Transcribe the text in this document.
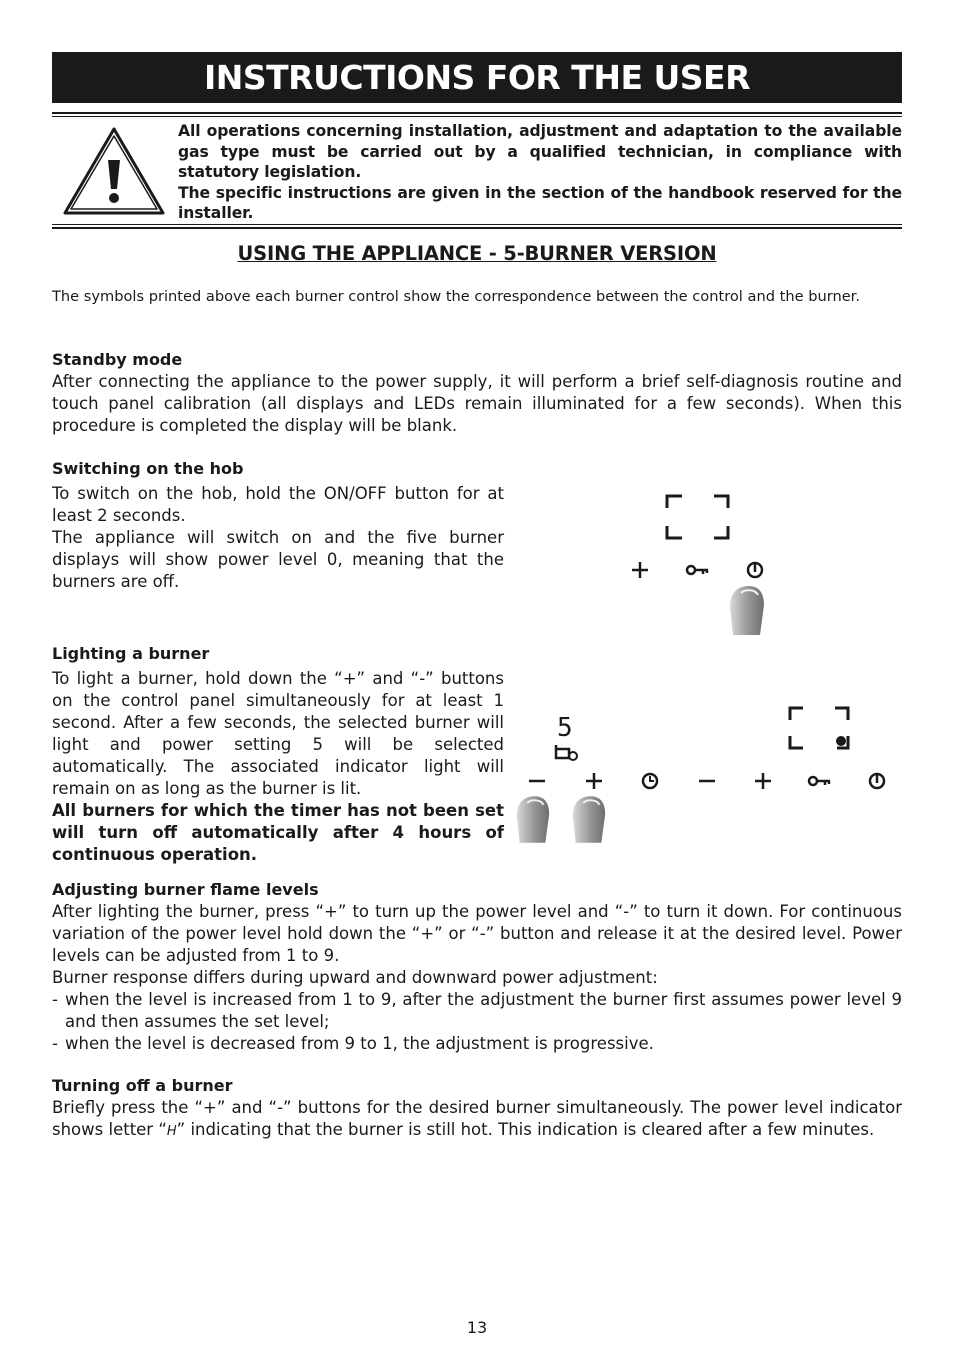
INSTRUCTIONS FOR THE USER

All operations concerning installation, adjustment and adaptation to the available gas type must be carried out by a qualified technician, in compliance with statutory legislation.

The specific instructions are given in the section of the handbook reserved for the installer.

USING THE APPLIANCE - 5-BURNER VERSION
The symbols printed above each burner control show the correspondence between the control and the burner.
Standby mode
After connecting the appliance to the power supply, it will perform a brief self-diagnosis routine and touch panel calibration (all displays and LEDs remain illuminated for a few seconds). When this procedure is completed the display will be blank.
Switching on the hob

To switch on the hob, hold the ON/OFF button for at least 2 seconds.

The appliance will switch on and the five burner displays will show power level 0, meaning that the burners are off.

Lighting a burner

To light a burner, hold down the “+” and “-” buttons on the control panel simultaneously for at least 1 second. After a few seconds, the selected burner will light and power setting 5 will be selected automatically. The associated indicator light will remain on as long as the burner is lit.

All burners for which the timer has not been set will turn off automatically after 4 hours of continuous operation.

5
Adjusting burner flame levels

After lighting the burner, press “+” to turn up the power level and “-” to turn it down. For continuous variation of the power level hold down the “+” or “-” button and release it at the desired level. Power levels can be adjusted from 1 to 9.

Burner response differs during upward and downward power adjustment:

- when the level is increased from 1 to 9, after the adjustment the burner first assumes power level 9 and then assumes the set level;
- when the level is decreased from 9 to 1, the adjustment is progressive.
Turning off a burner
Briefly press the “+” and “-” buttons for the desired burner simultaneously. The power level indicator shows letter “H” indicating that the burner is still hot. This indication is cleared after a few minutes.
13
